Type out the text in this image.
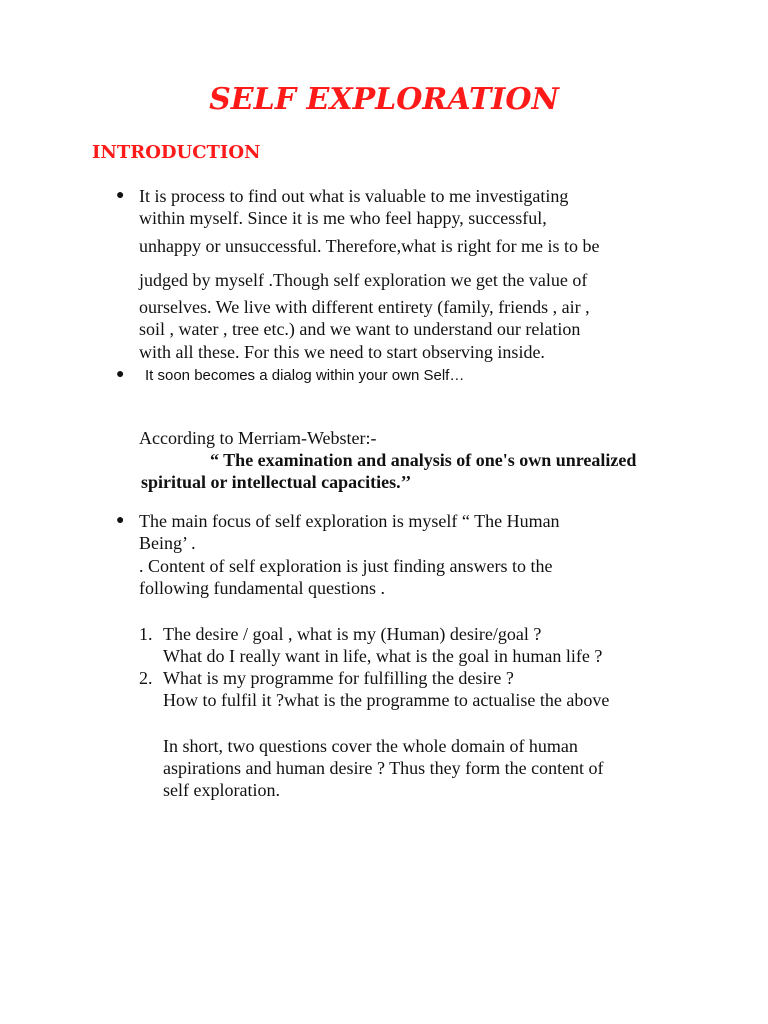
SELF EXPLORATION
INTRODUCTION
● It is process to find out what is valuable to me investigating
within myself. Since it is me who feel happy, successful,
unhappy or unsuccessful. Therefore,what is right for me is to be
judged by myself .Though self exploration we get the value of
ourselves. We live with different entirety (family, friends , air ,
soil , water , tree etc.) and we want to understand our relation
with all these. For this we need to start observing inside.
● It soon becomes a dialog within your own Self…
According to Merriam-Webster:-
“ The examination and analysis of one's own unrealized
spiritual or intellectual capacities.’’
● The main focus of self exploration is myself “ The Human
Being’ .
. Content of self exploration is just finding answers to the
following fundamental questions .
1. The desire / goal , what is my (Human) desire/goal ?
What do I really want in life, what is the goal in human life ?
2. What is my programme for fulfilling the desire ?
How to fulfil it ?what is the programme to actualise the above
In short, two questions cover the whole domain of human
aspirations and human desire ? Thus they form the content of
self exploration.
